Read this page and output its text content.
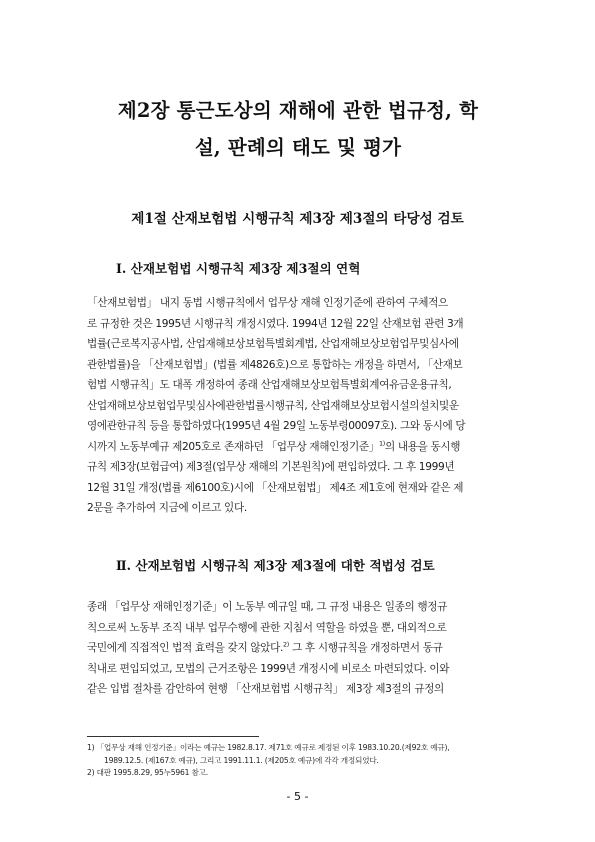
제2장 통근도상의 재해에 관한 법규정, 학
설, 판례의 태도 및 평가
제1절 산재보험법 시행규칙 제3장 제3절의 타당성 검토
Ⅰ. 산재보험법 시행규칙 제3장 제3절의 연혁
「산재보험법」 내지 동법 시행규칙에서 업무상 재해 인정기준에 관하여 구체적으
로 규정한 것은 1995년 시행규칙 개정시였다. 1994년 12월 22일 산재보험 관련 3개
법률(근로복지공사법, 산업재해보상보험특별회계법, 산업재해보상보험업무및심사에
관한법률)을 「산재보험법」(법률 제4826호)으로 통합하는 개정을 하면서, 「산재보
험법 시행규칙」도 대폭 개정하여 종래 산업재해보상보험특별회계여유금운용규칙,
산업재해보상보험업무및심사에관한법률시행규칙, 산업재해보상보험시설의설치및운
영에관한규칙 등을 통합하였다(1995년 4월 29일 노동부령00097호). 그와 동시에 당
시까지 노동부예규 제205호로 존재하던 「업무상 재해인정기준」$^{1)}$의 내용을 동시행
규칙 제3장(보험급여) 제3절(업무상 재해의 기본원칙)에 편입하였다. 그 후 1999년
12월 31일 개정(법률 제6100호)시에 「산재보험법」 제4조 제1호에 현재와 같은 제
2문을 추가하여 지금에 이르고 있다.
Ⅱ. 산재보험법 시행규칙 제3장 제3절에 대한 적법성 검토
종래 「업무상 재해인정기준」이 노동부 예규일 때, 그 규정 내용은 일종의 행정규
칙으로써 노동부 조직 내부 업무수행에 관한 지침서 역할을 하였을 뿐, 대외적으로
국민에게 직접적인 법적 효력을 갖지 않았다.$^{2)}$ 그 후 시행규칙을 개정하면서 동규
칙내로 편입되었고, 모법의 근거조항은 1999년 개정시에 비로소 마련되었다. 이와
같은 입법 절차를 감안하여 현행 「산재보험법 시행규칙」 제3장 제3절의 규정의
1) 「업무상 재해 인정기준」이라는 예규는 1982.8.17. 제71호 예규로 제정된 이후 1983.10.20.(제92호 예규),
1989.12.5. (제167호 예규), 그리고 1991.11.1. (제205호 예규)에 각각 개정되었다.
2) 대판 1995.8.29, 95누5961 참고.
- 5 -
